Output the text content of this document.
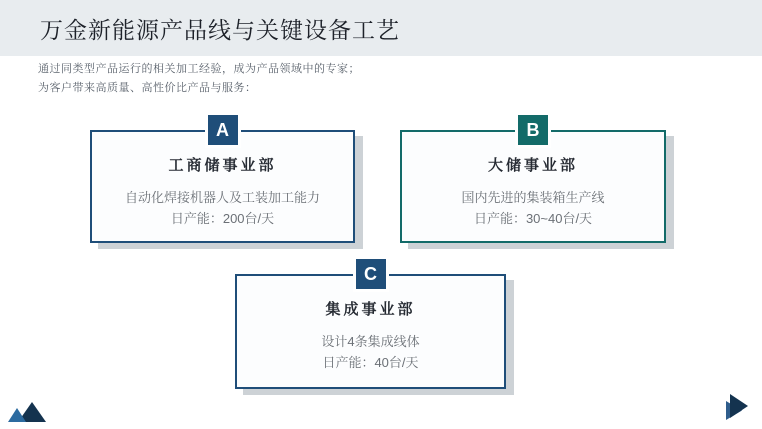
万金新能源产品线与关键设备工艺

通过同类型产品运行的相关加工经验，成为产品领域中的专家；

为客户带来高质量、高性价比产品与服务：

A
工商储事业部

自动化焊接机器人及工装加工能力

日产能：200台/天

B
大储事业部

国内先进的集装箱生产线

日产能：30~40台/天

C
集成事业部

设计4条集成线体

日产能：40台/天
